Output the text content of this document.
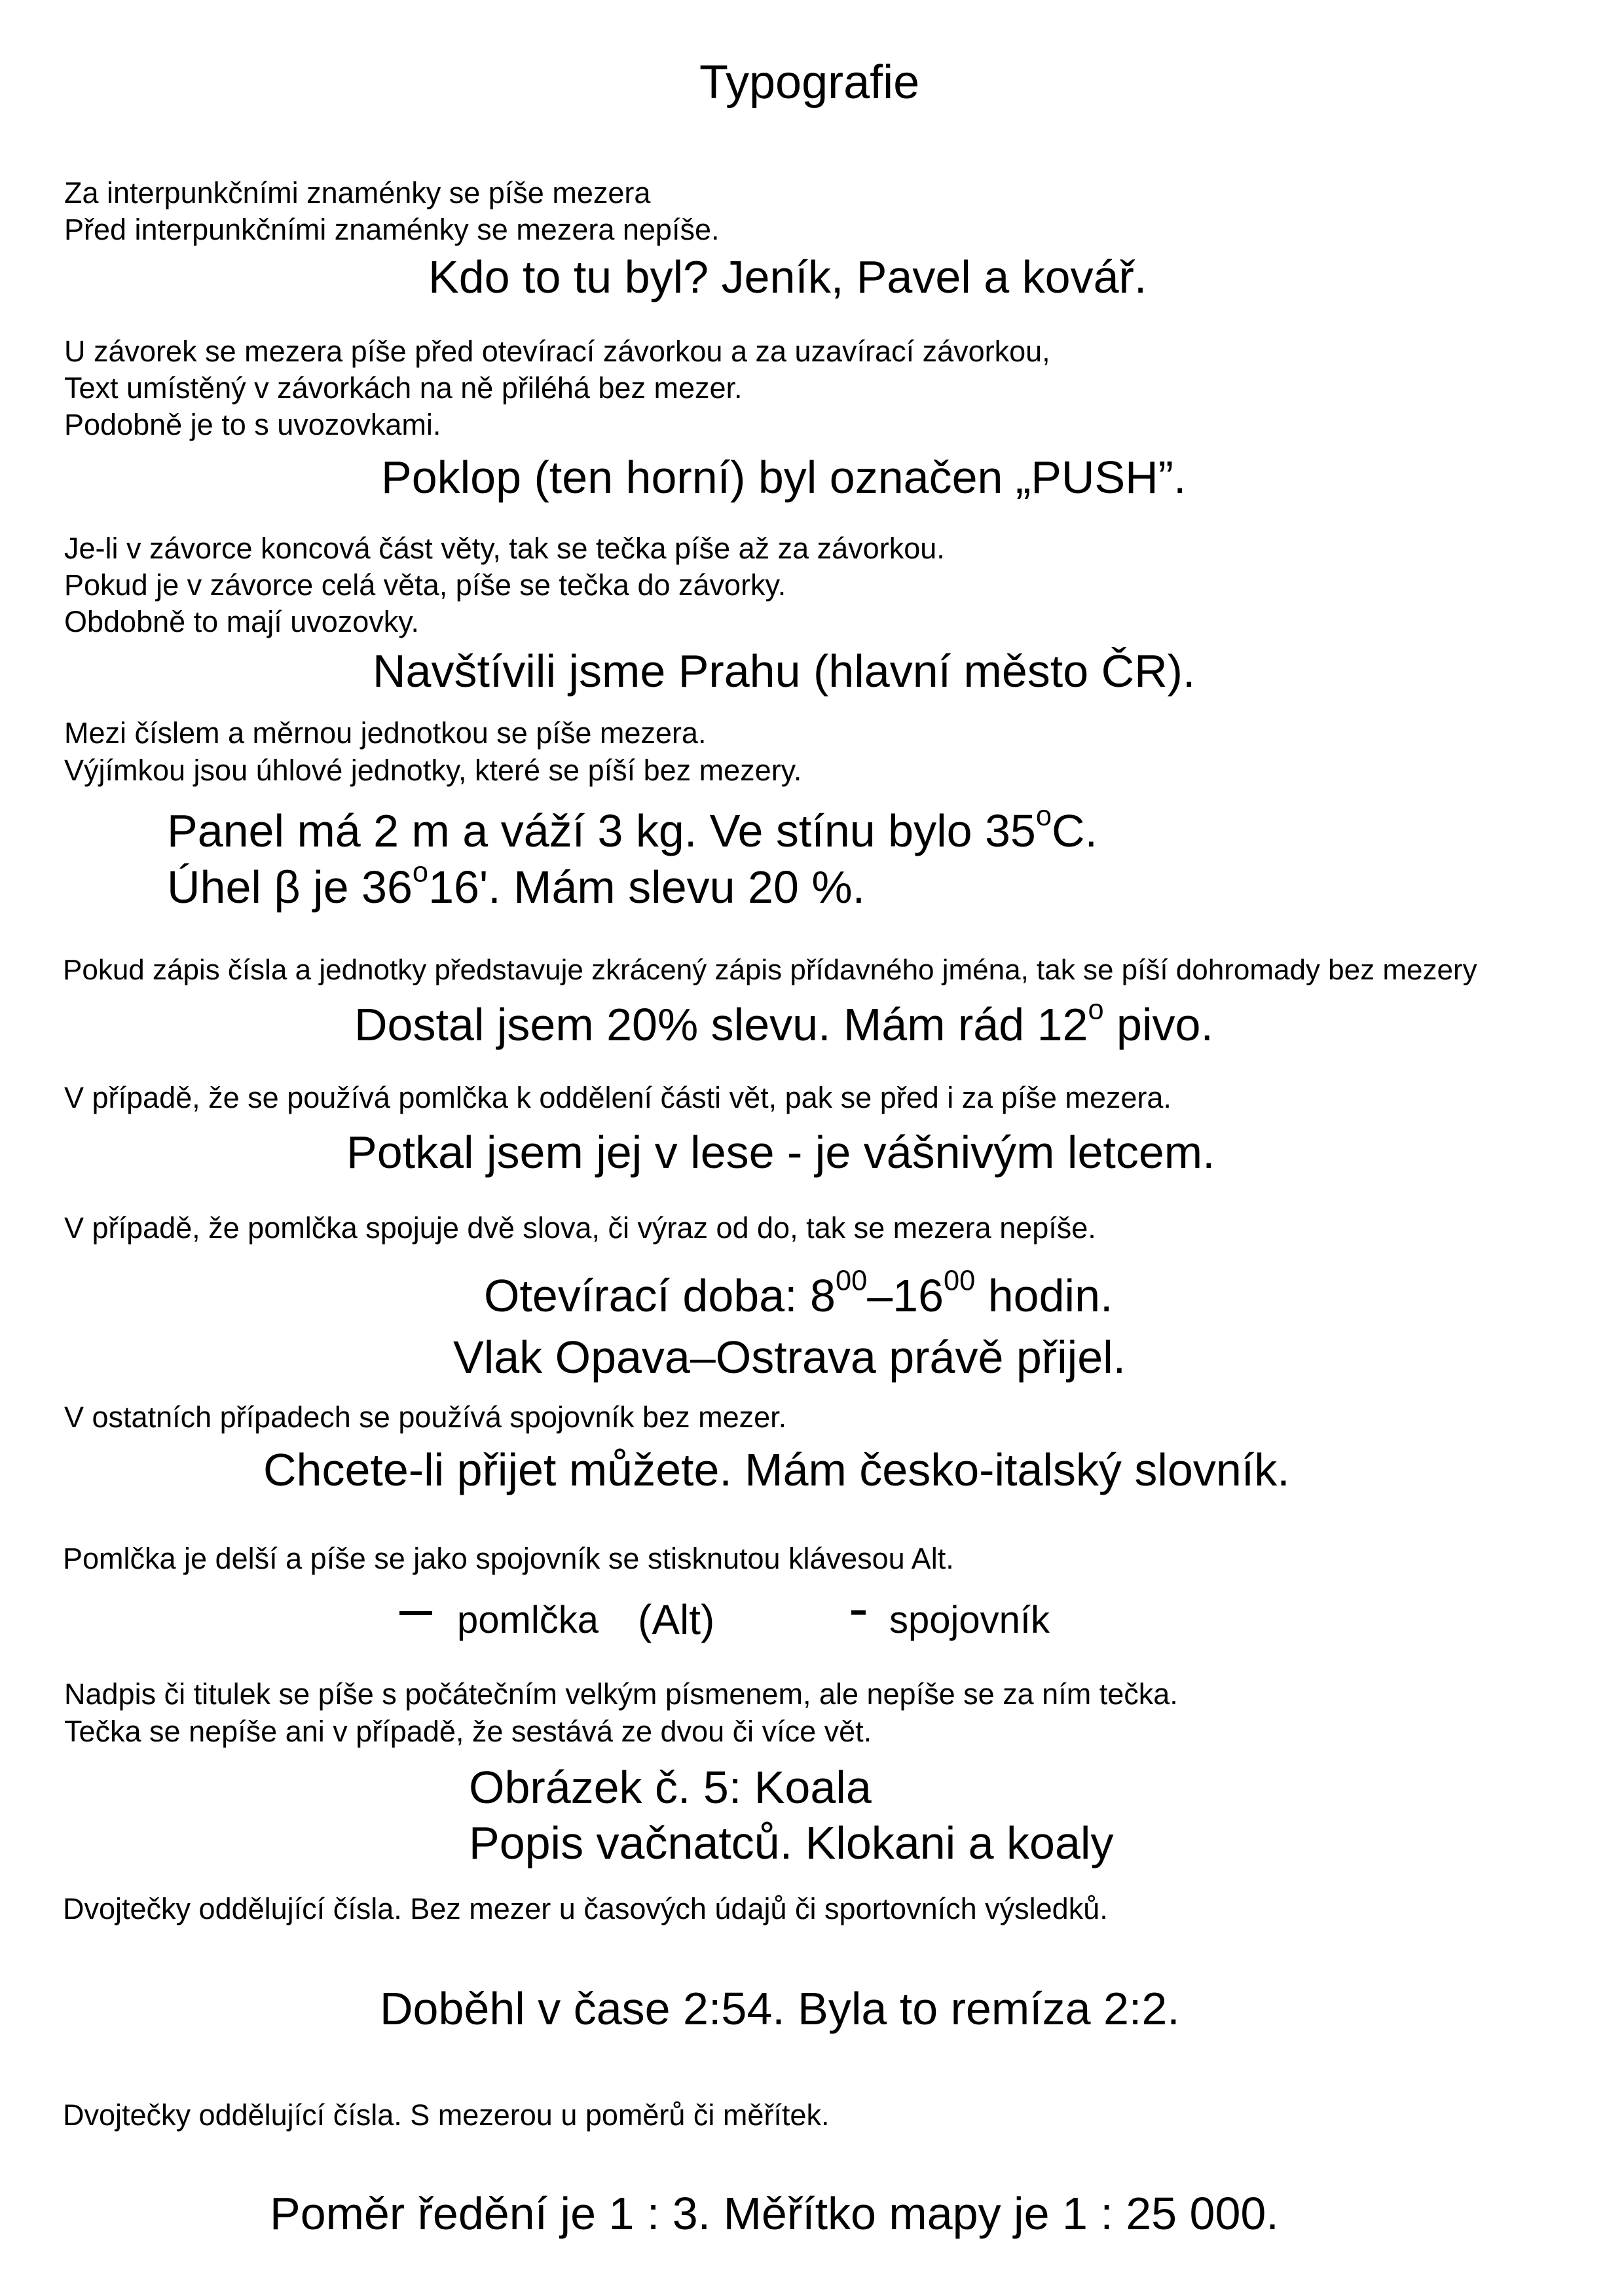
Typografie
Za interpunkčními znaménky se píše mezera
Před interpunkčními znaménky se mezera nepíše.
Kdo to tu byl? Jeník, Pavel a kovář.
U závorek se mezera píše před otevírací závorkou a za uzavírací závorkou,
Text umístěný v závorkách na ně přiléhá bez mezer.
Podobně je to s uvozovkami.
Poklop (ten horní) byl označen „PUSH”.
Je-li v závorce koncová část věty, tak se tečka píše až za závorkou.
Pokud je v závorce celá věta, píše se tečka do závorky.
Obdobně to mají uvozovky.
Navštívili jsme Prahu (hlavní město ČR).
Mezi číslem a měrnou jednotkou se píše mezera.
Výjímkou jsou úhlové jednotky, které se píší bez mezery.
Panel má 2 m a váží 3 kg. Ve stínu bylo 35$^o$C.
Úhel β je 36$^o$16'. Mám slevu 20 %.
Pokud zápis čísla a jednotky představuje zkrácený zápis přídavného jména, tak se píší dohromady bez mezery
Dostal jsem 20% slevu. Mám rád 12$^o$ pivo.
V případě, že se používá pomlčka k oddělení části vět, pak se před i za píše mezera.
Potkal jsem jej v lese - je vášnivým letcem.
V případě, že pomlčka spojuje dvě slova, či výraz od do, tak se mezera nepíše.
Otevírací doba: $8^{00}-16^{00}$ hodin.
Vlak Opava–Ostrava právě přijel.
V ostatních případech se používá spojovník bez mezer.
Chcete-li přijet můžete. Mám česko-italský slovník.
Pomlčka je delší a píše se jako spojovník se stisknutou klávesou Alt.
– pomlčka (Alt) - spojovník
Nadpis či titulek se píše s počátečním velkým písmenem, ale nepíše se za ním tečka.
Tečka se nepíše ani v případě, že sestává ze dvou či více vět.
Obrázek č. 5: Koala
Popis vačnatců. Klokani a koaly
Dvojtečky oddělující čísla. Bez mezer u časových údajů či sportovních výsledků.
Doběhl v čase 2:54. Byla to remíza 2:2.
Dvojtečky oddělující čísla. S mezerou u poměrů či měřítek.
Poměr ředění je 1 : 3. Měřítko mapy je 1 : 25 000.
